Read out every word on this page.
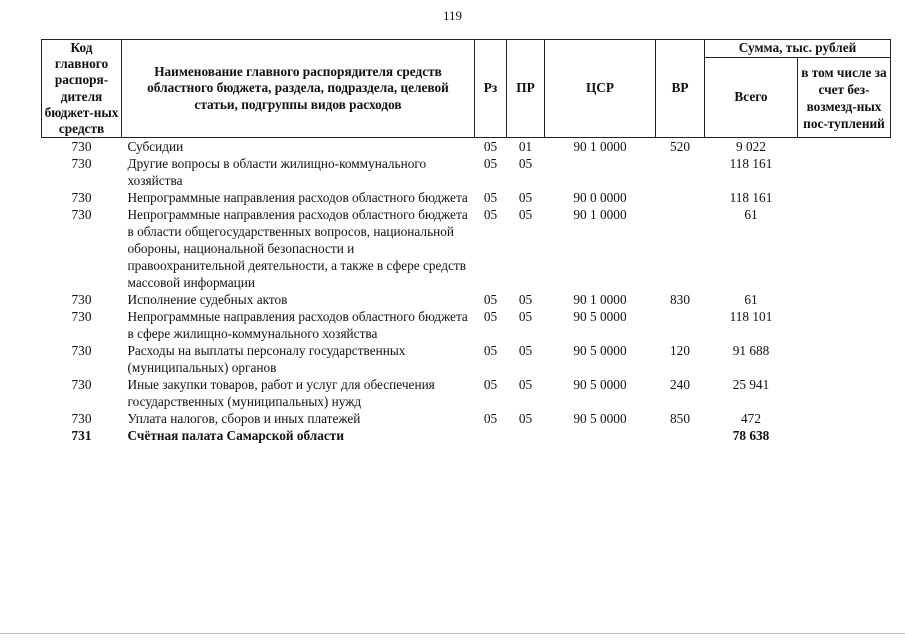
119
Код главного распоря-дителя бюджет-ных средств	Наименование главного распорядителя средств областного бюджета, раздела, подраздела, целевой статьи, подгруппы видов расходов	Рз	ПР	ЦСР	ВР	Сумма, тыс. рублей	
						Всего	в том числе за счет без-возмезд-ных пос-туплений
730	Субсидии	05	01	90 1 0000	520	9 022	
730	Другие вопросы в области жилищно-коммунального хозяйства	05	05			118 161	
730	Непрограммные направления расходов областного бюджета	05	05	90 0 0000		118 161	
730	Непрограммные направления расходов областного бюджета в области общегосударственных вопросов, национальной обороны, национальной безопасности и правоохранительной деятельности, а также в сфере средств массовой информации	05	05	90 1 0000		61	
730	Исполнение судебных актов	05	05	90 1 0000	830	61	
730	Непрограммные направления расходов областного бюджета в сфере жилищно-коммунального хозяйства	05	05	90 5 0000		118 101	
730	Расходы на выплаты персоналу государственных (муниципальных) органов	05	05	90 5 0000	120	91 688	
730	Иные закупки товаров, работ и услуг для обеспечения государственных (муниципальных) нужд	05	05	90 5 0000	240	25 941	
730	Уплата налогов, сборов и иных платежей	05	05	90 5 0000	850	472	
731	Счётная палата Самарской области					78 638	
